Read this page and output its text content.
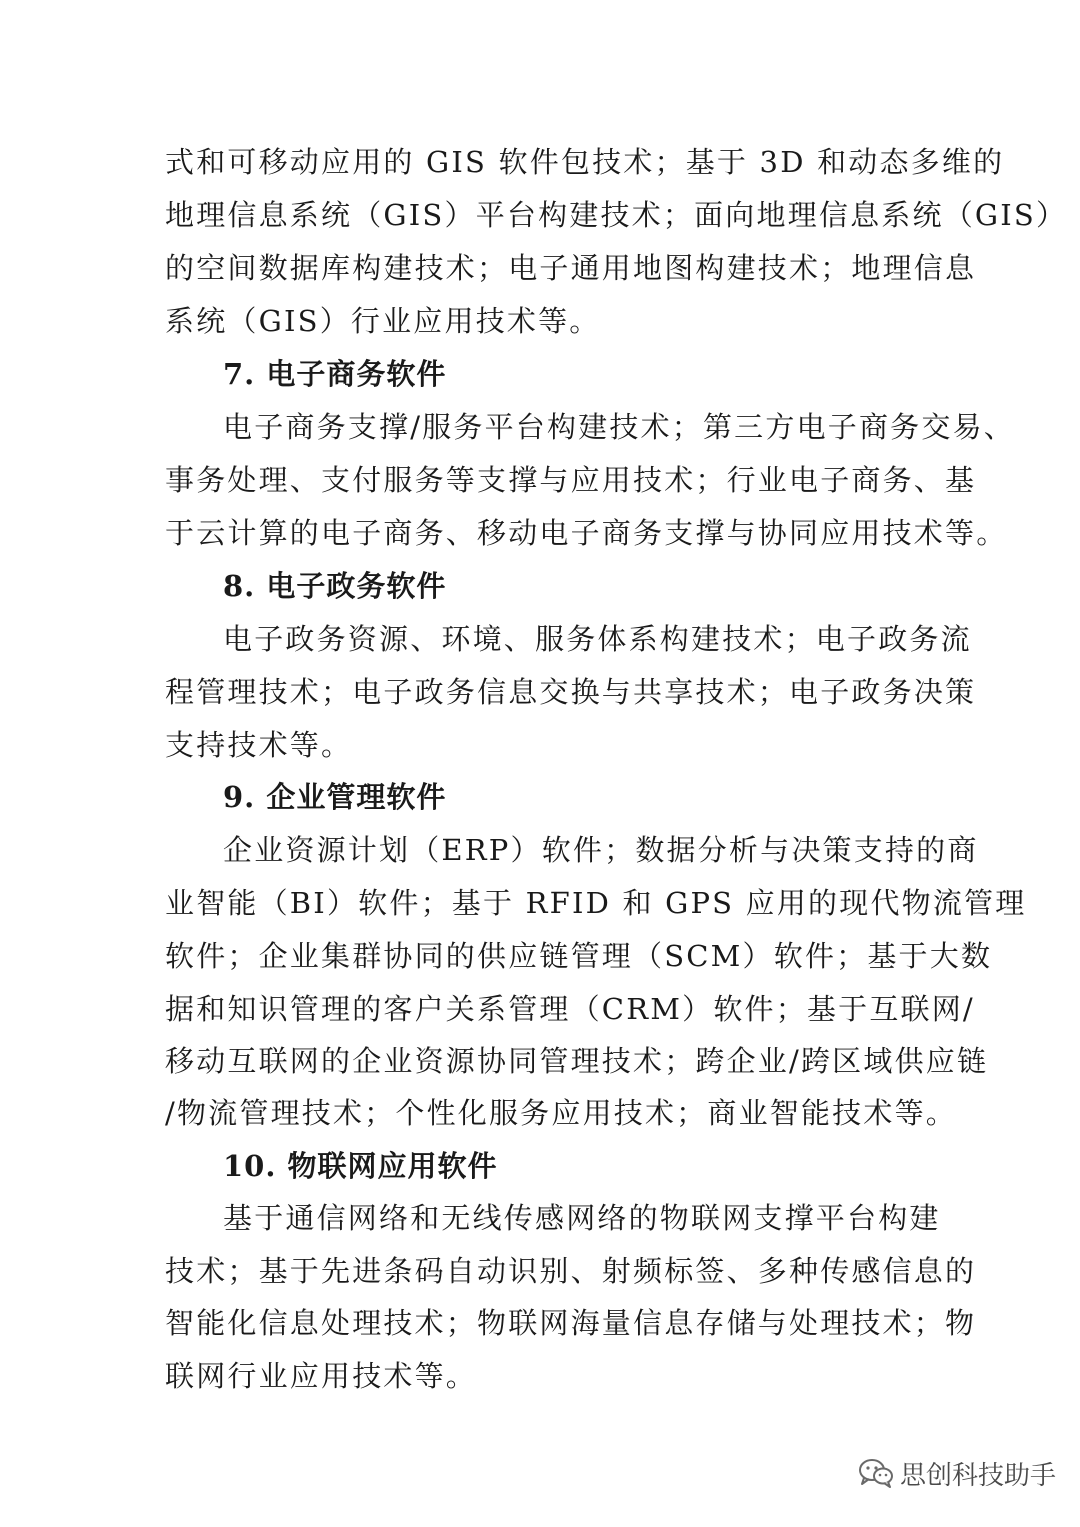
式和可移动应用的 GIS 软件包技术；基于 3D 和动态多维的
地理信息系统（GIS）平台构建技术；面向地理信息系统（GIS）
的空间数据库构建技术；电子通用地图构建技术；地理信息
系统（GIS）行业应用技术等。
7. 电子商务软件
电子商务支撑/服务平台构建技术；第三方电子商务交易、
事务处理、支付服务等支撑与应用技术；行业电子商务、基
于云计算的电子商务、移动电子商务支撑与协同应用技术等。
8. 电子政务软件
电子政务资源、环境、服务体系构建技术；电子政务流
程管理技术；电子政务信息交换与共享技术；电子政务决策
支持技术等。
9. 企业管理软件
企业资源计划（ERP）软件；数据分析与决策支持的商
业智能（BI）软件；基于 RFID 和 GPS 应用的现代物流管理
软件；企业集群协同的供应链管理（SCM）软件；基于大数
据和知识管理的客户关系管理（CRM）软件；基于互联网/
移动互联网的企业资源协同管理技术；跨企业/跨区域供应链
/物流管理技术；个性化服务应用技术；商业智能技术等。
10. 物联网应用软件
基于通信网络和无线传感网络的物联网支撑平台构建
技术；基于先进条码自动识别、射频标签、多种传感信息的
智能化信息处理技术；物联网海量信息存储与处理技术；物
联网行业应用技术等。
思创科技助手
